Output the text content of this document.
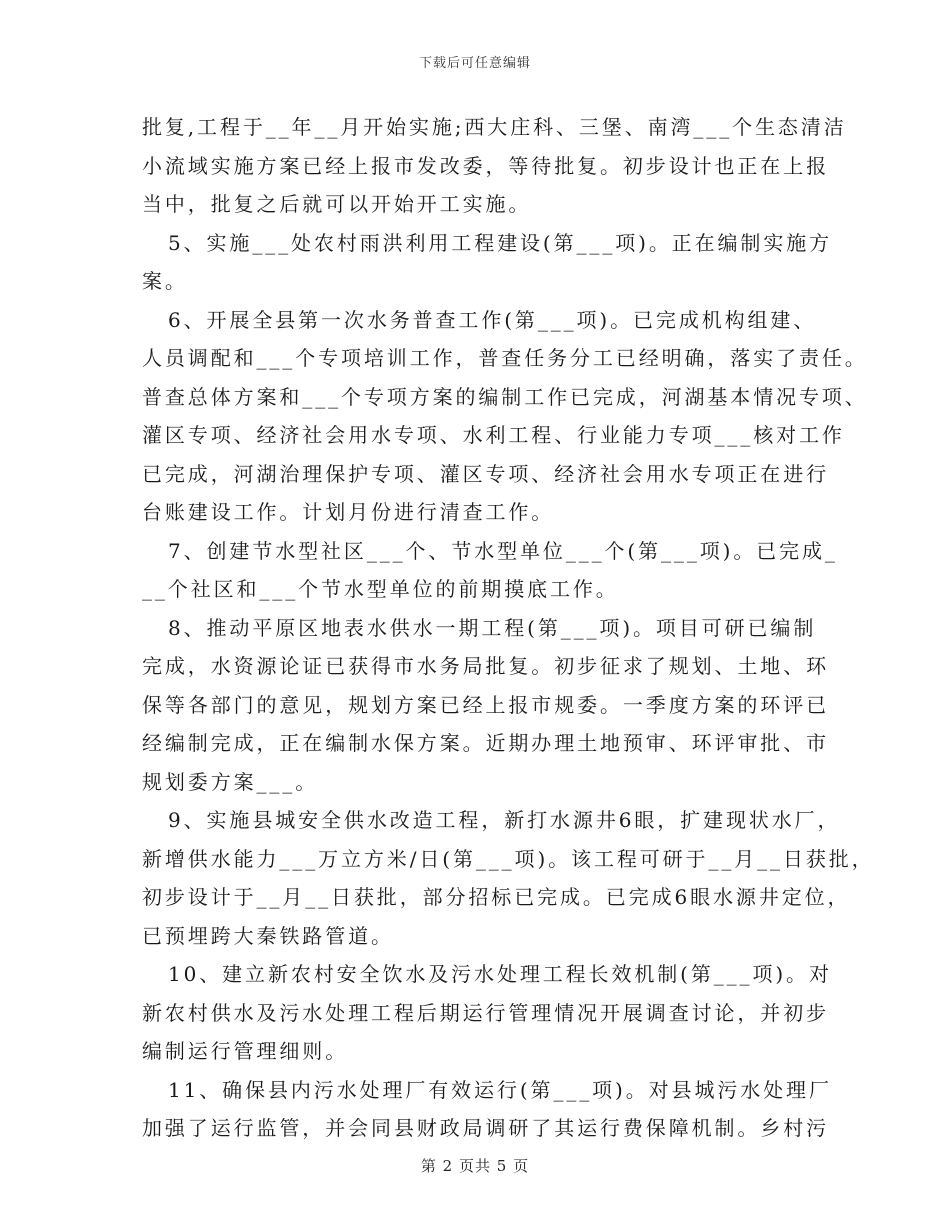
下载后可任意编辑
批复,工程于__年__月开始实施;西大庄科、三堡、南湾___个生态清洁
小流域实施方案已经上报市发改委，等待批复。初步设计也正在上报
当中，批复之后就可以开始开工实施。
5、实施___处农村雨洪利用工程建设(第___项)。正在编制实施方
案。
6、开展全县第一次水务普查工作(第___项)。已完成机构组建、
人员调配和___个专项培训工作，普查任务分工已经明确，落实了责任。
普查总体方案和___个专项方案的编制工作已完成，河湖基本情况专项、
灌区专项、经济社会用水专项、水利工程、行业能力专项___核对工作
已完成，河湖治理保护专项、灌区专项、经济社会用水专项正在进行
台账建设工作。计划月份进行清查工作。
7、创建节水型社区___个、节水型单位___个(第___项)。已完成_
__个社区和___个节水型单位的前期摸底工作。
8、推动平原区地表水供水一期工程(第___项)。项目可研已编制
完成，水资源论证已获得市水务局批复。初步征求了规划、土地、环
保等各部门的意见，规划方案已经上报市规委。一季度方案的环评已
经编制完成，正在编制水保方案。近期办理土地预审、环评审批、市
规划委方案___。
9、实施县城安全供水改造工程，新打水源井6眼，扩建现状水厂，
新增供水能力___万立方米/日(第___项)。该工程可研于__月__日获批，
初步设计于__月__日获批，部分招标已完成。已完成6眼水源井定位，
已预埋跨大秦铁路管道。
10、建立新农村安全饮水及污水处理工程长效机制(第___项)。对
新农村供水及污水处理工程后期运行管理情况开展调查讨论，并初步
编制运行管理细则。
11、确保县内污水处理厂有效运行(第___项)。对县城污水处理厂
加强了运行监管，并会同县财政局调研了其运行费保障机制。乡村污
第 2 页共 5 页
